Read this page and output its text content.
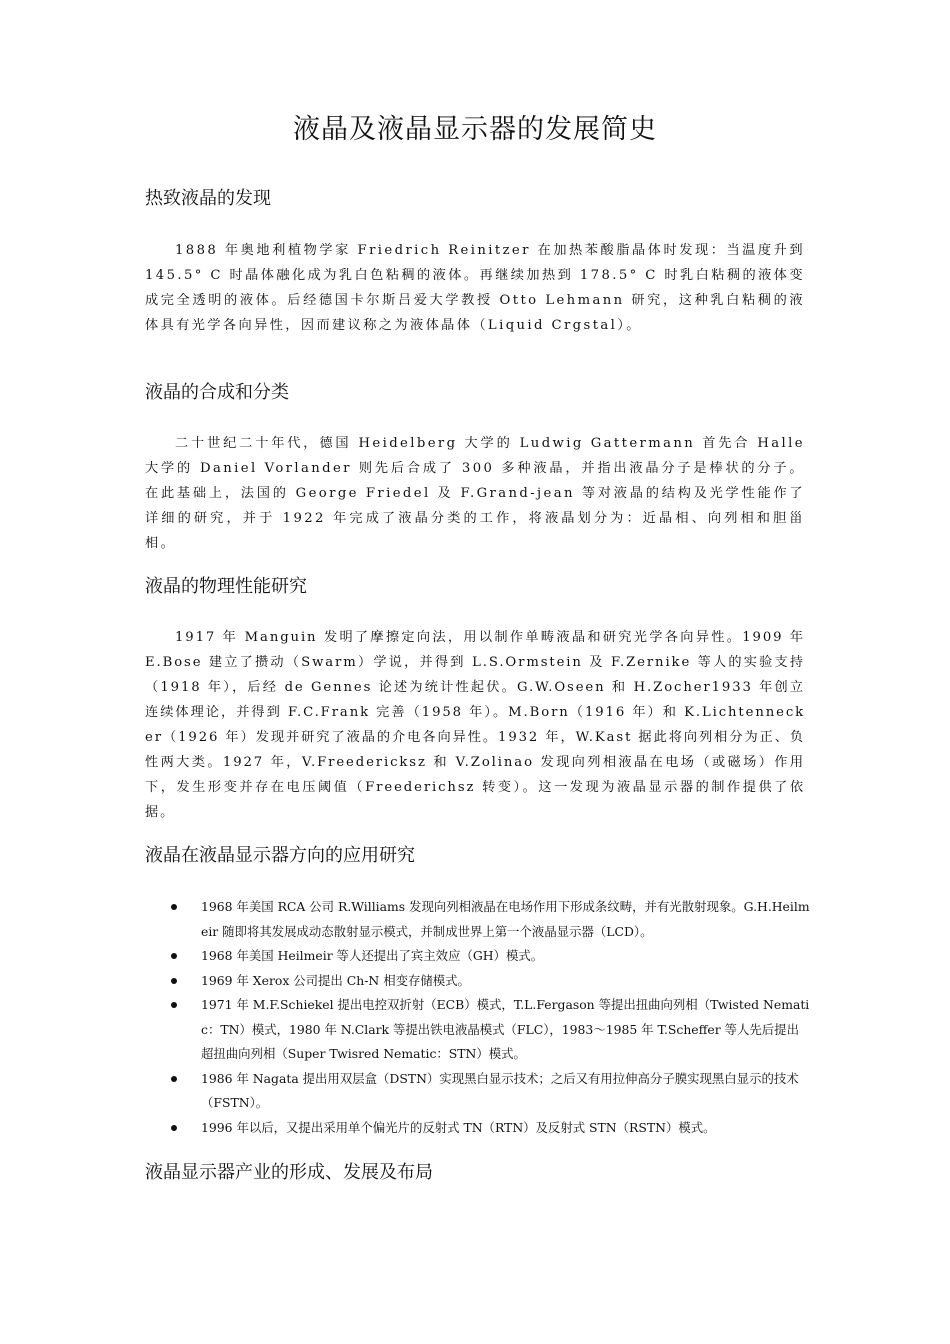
液晶及液晶显示器的发展简史
热致液晶的发现

1888 年奥地利植物学家 Friedrich Reinitzer 在加热苯酸脂晶体时发现：当温度升到 145.5° C 时晶体融化成为乳白色粘稠的液体。再继续加热到 178.5° C 时乳白粘稠的液体变成完全透明的液体。后经德国卡尔斯吕爱大学教授 Otto Lehmann 研究，这种乳白粘稠的液体具有光学各向异性，因而建议称之为液体晶体（Liquid Crgstal）。

液晶的合成和分类

二十世纪二十年代，德国 Heidelberg 大学的 Ludwig Gattermann 首先合 Halle 大学的 Daniel Vorlander 则先后合成了 300 多种液晶，并指出液晶分子是棒状的分子。在此基础上，法国的 George Friedel 及 F.Grand-jean 等对液晶的结构及光学性能作了详细的研究，并于 1922 年完成了液晶分类的工作，将液晶划分为：近晶相、向列相和胆甾相。

液晶的物理性能研究

1917 年 Manguin 发明了摩擦定向法，用以制作单畴液晶和研究光学各向异性。1909 年 E.Bose 建立了攒动（Swarm）学说，并得到 L.S.Ormstein 及 F.Zernike 等人的实验支持（1918 年），后经 de Gennes 论述为统计性起伏。G.W.Oseen 和 H.Zocher1933 年创立连续体理论，并得到 F.C.Frank 完善（1958 年）。M.Born（1916 年）和 K.Lichtennecker（1926 年）发现并研究了液晶的介电各向异性。1932 年，W.Kast 据此将向列相分为正、负性两大类。1927 年，V.Freedericksz 和 V.Zolinao 发现向列相液晶在电场（或磁场）作用下，发生形变并存在电压阈值（Freederichsz 转变）。这一发现为液晶显示器的制作提供了依据。

液晶在液晶显示器方向的应用研究
1968 年美国 RCA 公司 R.Williams 发现向列相液晶在电场作用下形成条纹畴，并有光散射现象。G.H.Heilmeir 随即将其发展成动态散射显示模式，并制成世界上第一个液晶显示器（LCD）。
1968 年美国 Heilmeir 等人还提出了宾主效应（GH）模式。
1969 年 Xerox 公司提出 Ch-N 相变存储模式。
1971 年 M.F.Schiekel 提出电控双折射（ECB）模式，T.L.Fergason 等提出扭曲向列相（Twisted Nematic：TN）模式，1980 年 N.Clark 等提出铁电液晶模式（FLC），1983～1985 年 T.Scheffer 等人先后提出超扭曲向列相（Super Twisred Nematic：STN）模式。
1986 年 Nagata 提出用双层盒（DSTN）实现黑白显示技术；之后又有用拉伸高分子膜实现黑白显示的技术（FSTN）。
1996 年以后，又提出采用单个偏光片的反射式 TN（RTN）及反射式 STN（RSTN）模式。
液晶显示器产业的形成、发展及布局
